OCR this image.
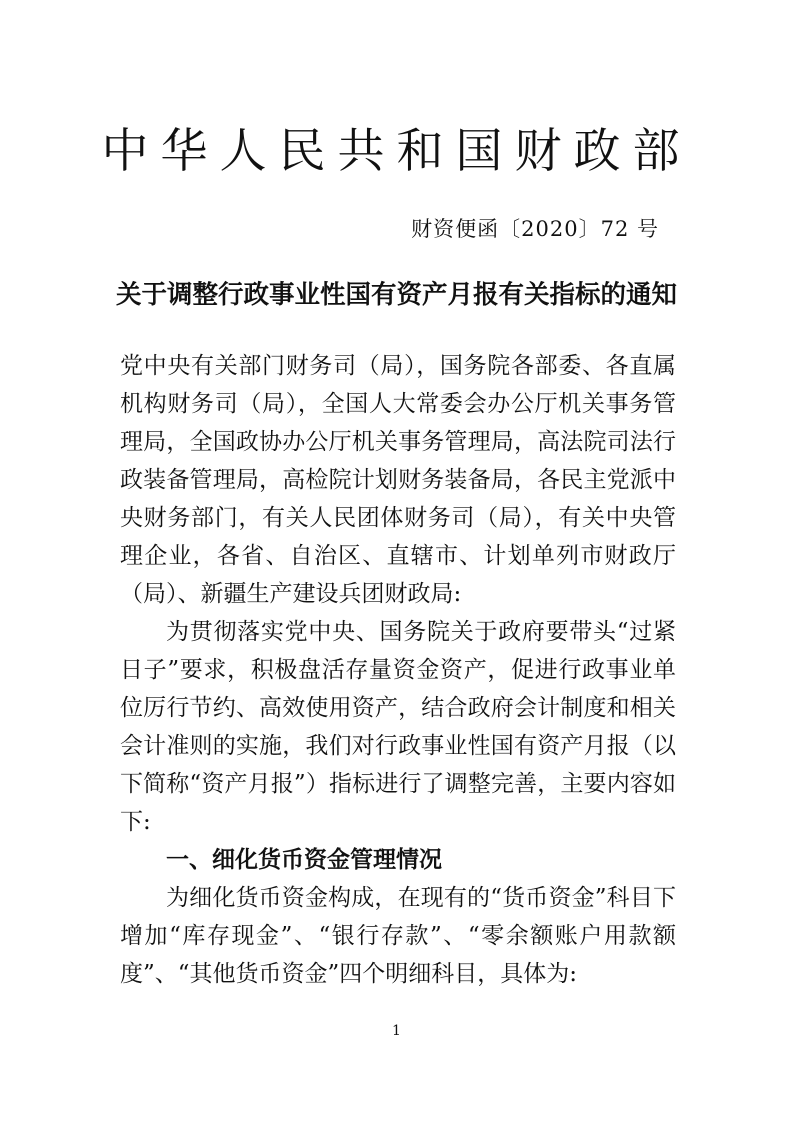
中华人民共和国财政部
财资便函〔2020〕72 号
关于调整行政事业性国有资产月报有关指标的通知

党中央有关部门财务司（局），国务院各部委、各直属机构财务司（局），全国人大常委会办公厅机关事务管理局，全国政协办公厅机关事务管理局，高法院司法行政装备管理局，高检院计划财务装备局，各民主党派中央财务部门，有关人民团体财务司（局），有关中央管理企业，各省、自治区、直辖市、计划单列市财政厅（局）、新疆生产建设兵团财政局:

为贯彻落实党中央、国务院关于政府要带头“过紧日子”要求，积极盘活存量资金资产，促进行政事业单位厉行节约、高效使用资产，结合政府会计制度和相关会计准则的实施，我们对行政事业性国有资产月报（以下简称“资产月报”）指标进行了调整完善，主要内容如下:

一、细化货币资金管理情况

为细化货币资金构成，在现有的“货币资金”科目下增加“库存现金”、“银行存款”、“零余额账户用款额度”、“其他货币资金”四个明细科目，具体为:

1
